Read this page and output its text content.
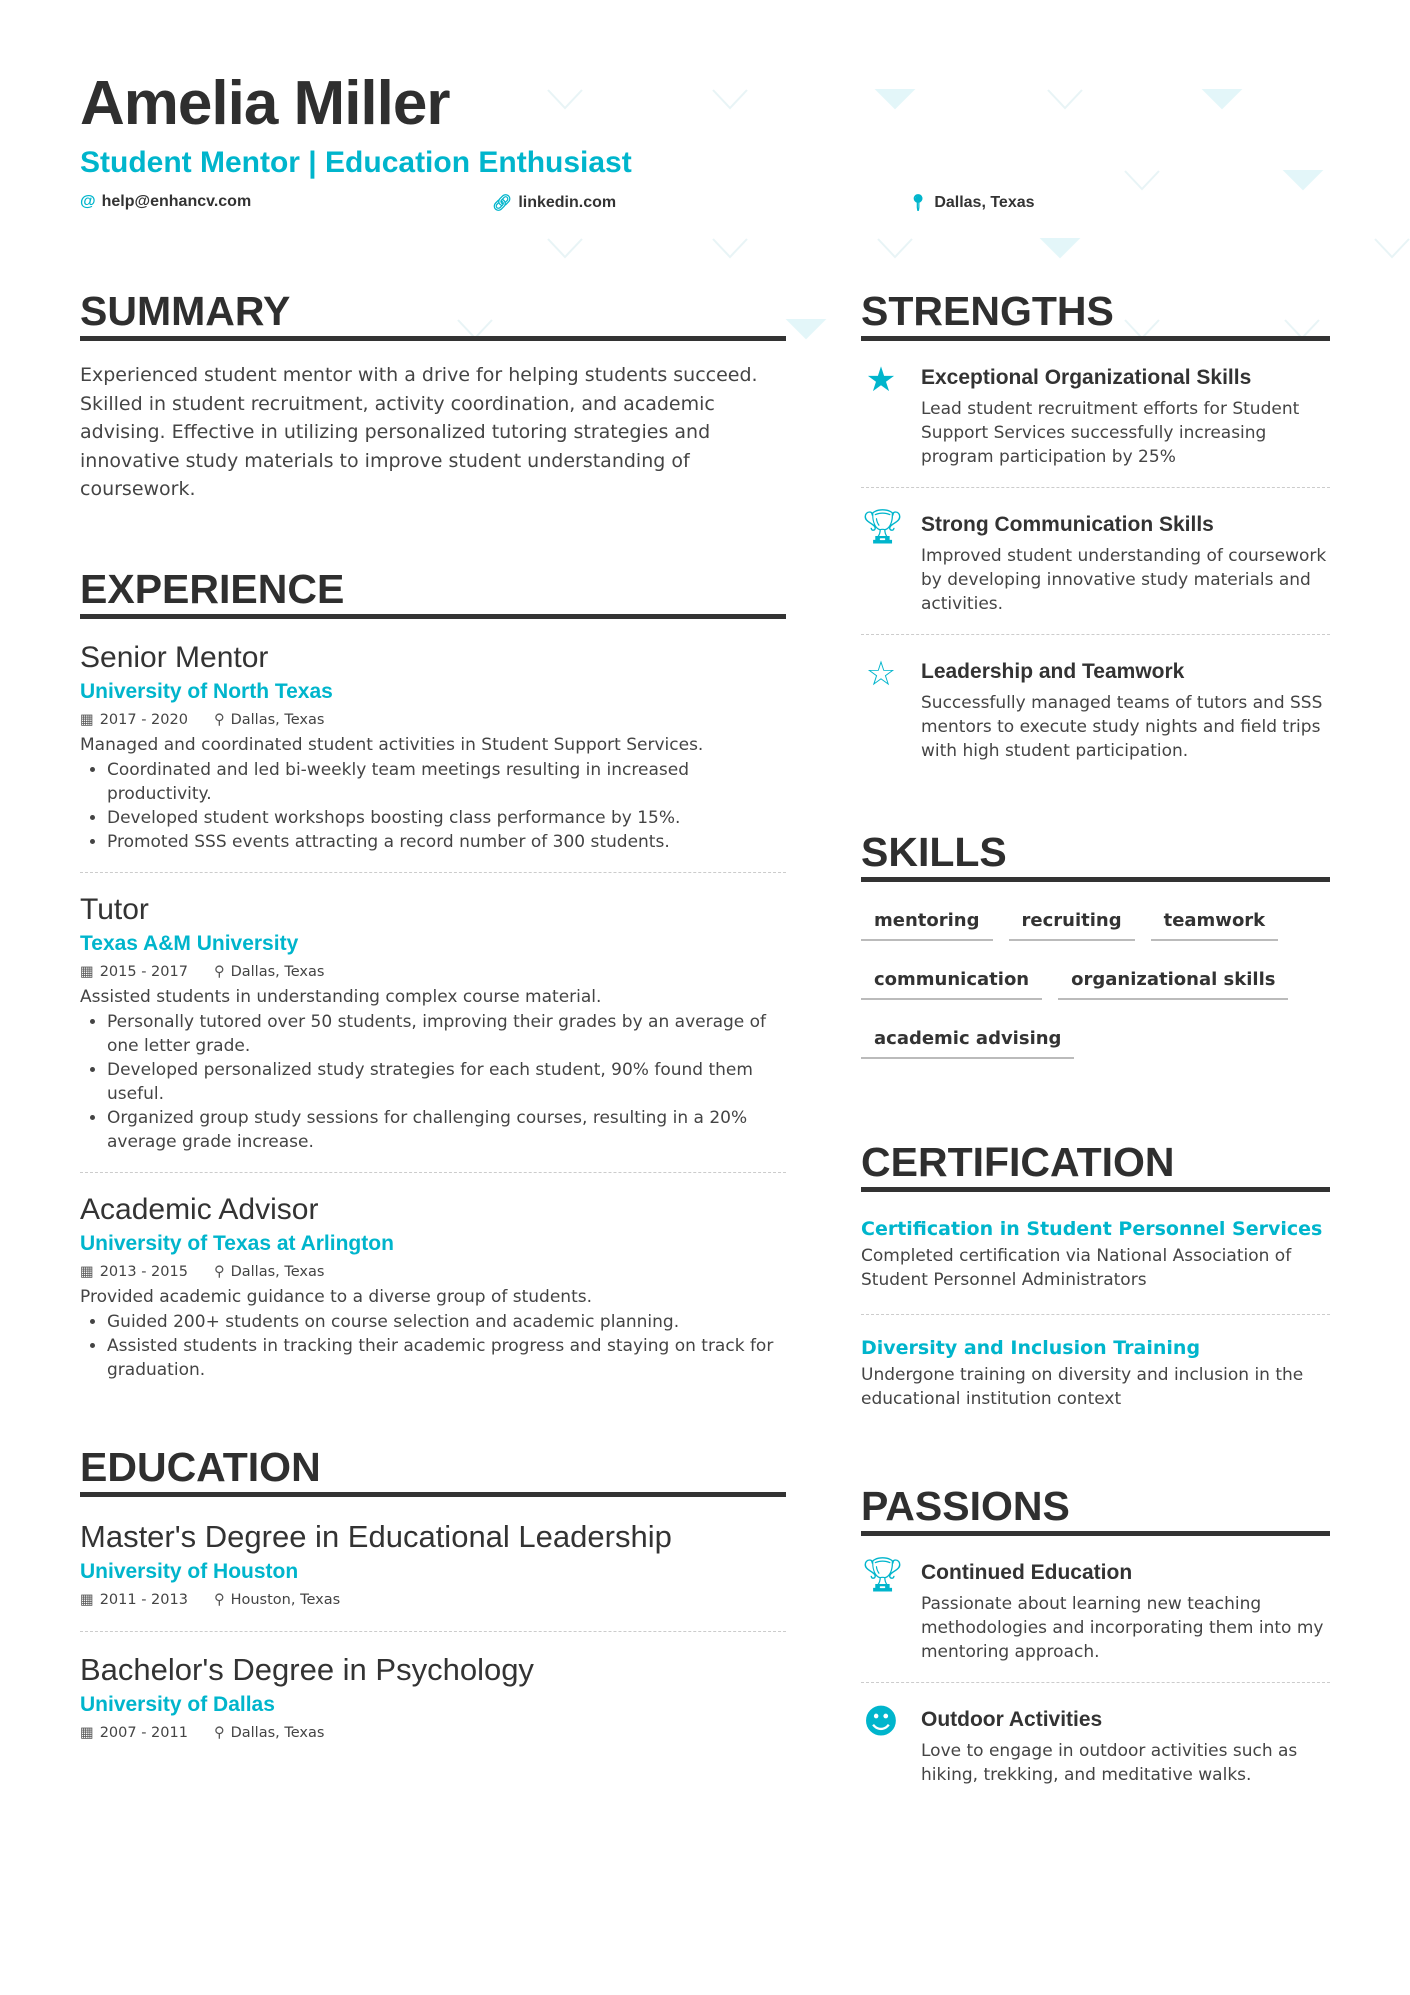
Amelia Miller
Student Mentor | Education Enthusiast
@ help@enhancv.com	🔗︎ linkedin.com	📍︎ Dallas, Texas
SUMMARY

Experienced student mentor with a drive for helping students succeed. Skilled in student recruitment, activity coordination, and academic advising. Effective in utilizing personalized tutoring strategies and innovative study materials to improve student understanding of coursework.

EXPERIENCE
Senior Mentor
University of North Texas
▦ 2017 - 2020 ⚲ Dallas, Texas
Managed and coordinated student activities in Student Support Services.
• Coordinated and led bi-weekly team meetings resulting in increased productivity.
• Developed student workshops boosting class performance by 15%.
• Promoted SSS events attracting a record number of 300 students.
Tutor
Texas A&M University
▦ 2015 - 2017 ⚲ Dallas, Texas
Assisted students in understanding complex course material.
• Personally tutored over 50 students, improving their grades by an average of one letter grade.
• Developed personalized study strategies for each student, 90% found them useful.
• Organized group study sessions for challenging courses, resulting in a 20% average grade increase.
Academic Advisor
University of Texas at Arlington
▦ 2013 - 2015 ⚲ Dallas, Texas
Provided academic guidance to a diverse group of students.
• Guided 200+ students on course selection and academic planning.
• Assisted students in tracking their academic progress and staying on track for graduation.
EDUCATION
Master's Degree in Educational Leadership
University of Houston
▦ 2011 - 2013 ⚲ Houston, Texas
Bachelor's Degree in Psychology
University of Dallas
▦ 2007 - 2011 ⚲ Dallas, Texas
STRENGTHS
★ Exceptional Organizational Skills
Lead student recruitment efforts for Student Support Services successfully increasing program participation by 25%
🏆︎ Strong Communication Skills
Improved student understanding of coursework by developing innovative study materials and activities.
☆ Leadership and Teamwork
Successfully managed teams of tutors and SSS mentors to execute study nights and field trips with high student participation.
SKILLS
mentoring	recruiting	teamwork
communication	organizational skills
academic advising
CERTIFICATION
Certification in Student Personnel Services
Completed certification via National Association of Student Personnel Administrators
Diversity and Inclusion Training
Undergone training on diversity and inclusion in the educational institution context
PASSIONS
🏆︎ Continued Education
Passionate about learning new teaching methodologies and incorporating them into my mentoring approach.
☻ Outdoor Activities
Love to engage in outdoor activities such as hiking, trekking, and meditative walks.
